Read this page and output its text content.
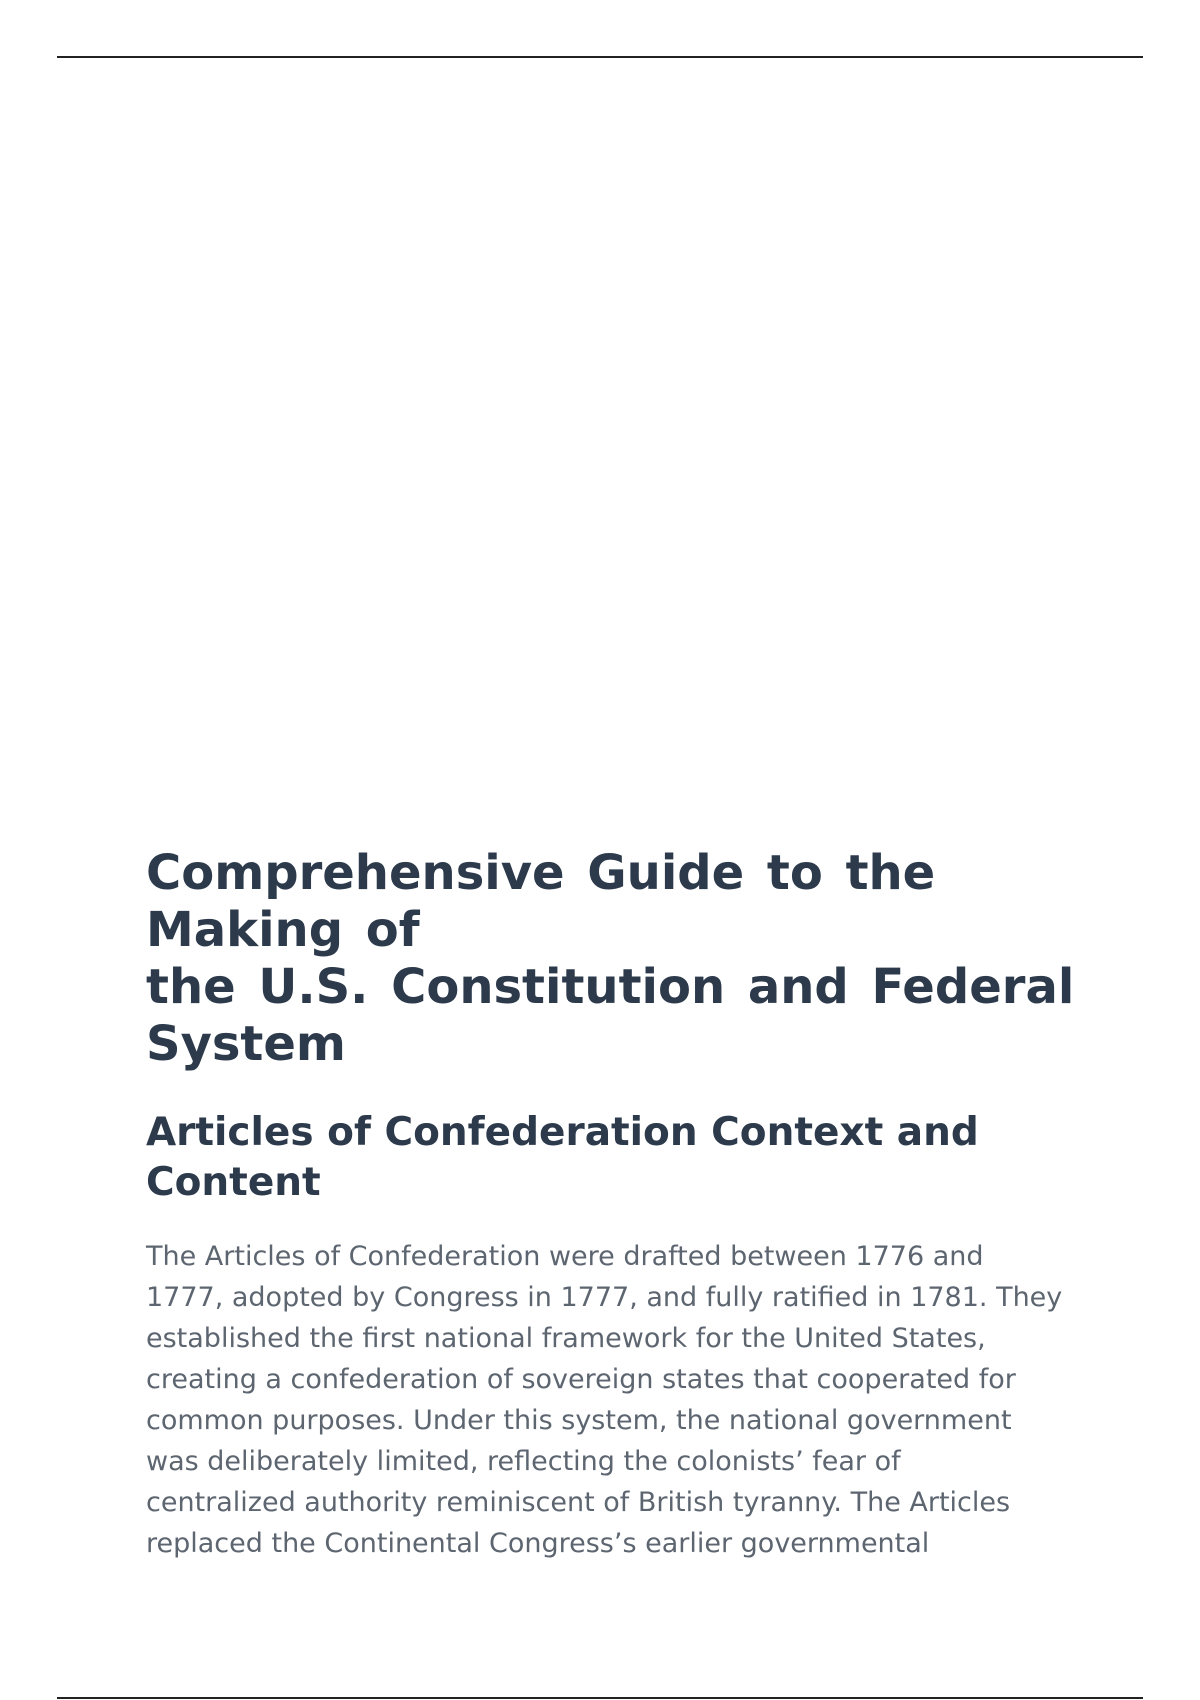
Comprehensive Guide to the
Making of
the U.S. Constitution and Federal
System
Articles of Confederation Context and
Content

The Articles of Confederation were drafted between 1776 and
1777, adopted by Congress in 1777, and fully ratiﬁed in 1781. They
established the ﬁrst national framework for the United States,
creating a confederation of sovereign states that cooperated for
common purposes. Under this system, the national government
was deliberately limited, reﬂecting the colonists’ fear of
centralized authority reminiscent of British tyranny. The Articles
replaced the Continental Congress’s earlier governmental
